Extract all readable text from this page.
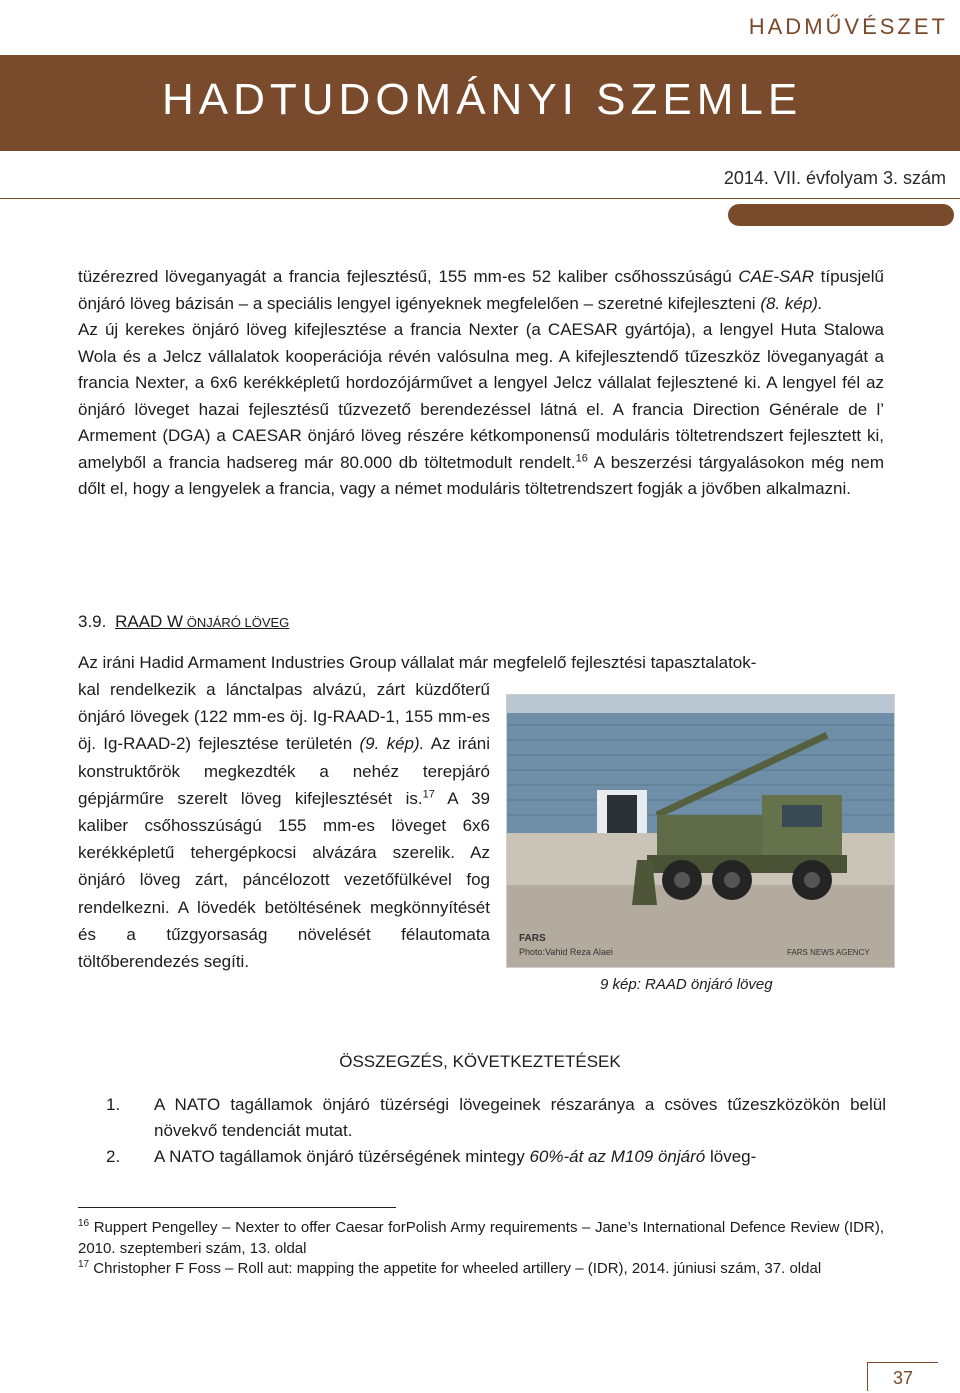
HADMŰVÉSZET
HADTUDOMÁNYI SZEMLE
2014. VII. évfolyam 3. szám
tüzérezred löveganyagát a francia fejlesztésű, 155 mm-es 52 kaliber csőhosszúságú CAE-SAR típusjelű önjáró löveg bázisán – a speciális lengyel igényeknek megfelelően – szeretné kifejleszteni (8. kép).
Az új kerekes önjáró löveg kifejlesztése a francia Nexter (a CAESAR gyártója), a lengyel Huta Stalowa Wola és a Jelcz vállalatok kooperációja révén valósulna meg. A kifejlesztendő tűzeszköz löveganyagát a francia Nexter, a 6x6 kerékképletű hordozójárművet a lengyel Jelcz vállalat fejlesztené ki. A lengyel fél az önjáró löveget hazai fejlesztésű tűzvezető berendezéssel látná el. A francia Direction Générale de l’ Armement (DGA) a CAESAR önjáró löveg részére kétkomponensű moduláris töltetrendszert fejlesztett ki, amelyből a francia hadsereg már 80.000 db töltetmodult rendelt.$^{16}$ A beszerzési tárgyalásokon még nem dőlt el, hogy a lengyelek a francia, vagy a német moduláris töltetrendszert fogják a jövőben alkalmazni.
3.9. RAAD W ÖNJÁRÓ LÖVEG
Az iráni Hadid Armament Industries Group vállalat már megfelelő fejlesztési tapasztalatok-
kal rendelkezik a lánctalpas alvázú, zárt küzdőterű önjáró lövegek (122 mm-es öj. Ig-RAAD-1, 155 mm-es öj. Ig-RAAD-2) fejlesztése területén (9. kép). Az iráni konstruktőrök megkezdték a nehéz terepjáró gépjárműre szerelt löveg kifejlesztését is.$^{17}$ A 39 kaliber csőhosszúságú 155 mm-es löveget 6x6 kerékképletű tehergépkocsi alvázára szerelik. Az önjáró löveg zárt, páncélozott vezetőfülkével fog rendelkezni. A lövedék betöltésének megkönnyítését és a tűzgyorsaság növelését félautomata töltőberendezés segíti.
FARS
Photo:Vahid Reza Alaei	FARS NEWS AGENCY
9 kép: RAAD önjáró löveg
ÖSSZEGZÉS, KÖVETKEZTETÉSEK
1. A NATO tagállamok önjáró tüzérségi lövegeinek részaránya a csöves tűzeszközökön belül növekvő tendenciát mutat.
2. A NATO tagállamok önjáró tüzérségének mintegy 60%-át az M109 önjáró löveg-
$^{16}$ Ruppert Pengelley – Nexter to offer Caesar forPolish Army requirements – Jane’s International Defence Review (IDR), 2010. szeptemberi szám, 13. oldal
$^{17}$ Christopher F Foss – Roll aut: mapping the appetite for wheeled artillery – (IDR), 2014. júniusi szám, 37. oldal
37
